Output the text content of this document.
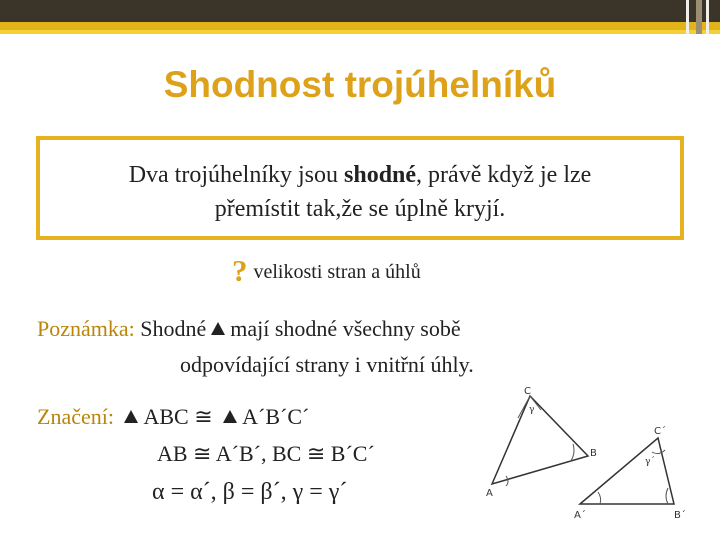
Shodnost trojúhelníků
Dva trojúhelníky jsou shodné, právě když je lze
přemístit tak,že se úplně kryjí.
? velikosti stran a úhlů
Poznámka: Shodné mají shodné všechny sobě
odpovídající strany i vnitřní úhly.
Značení: ABC ≅ A´B´C´
AB ≅ A´B´, BC ≅ B´C´
α = α´, β = β´, γ = γ´
C
γ
A
B
C´
γ´
A´	B´
